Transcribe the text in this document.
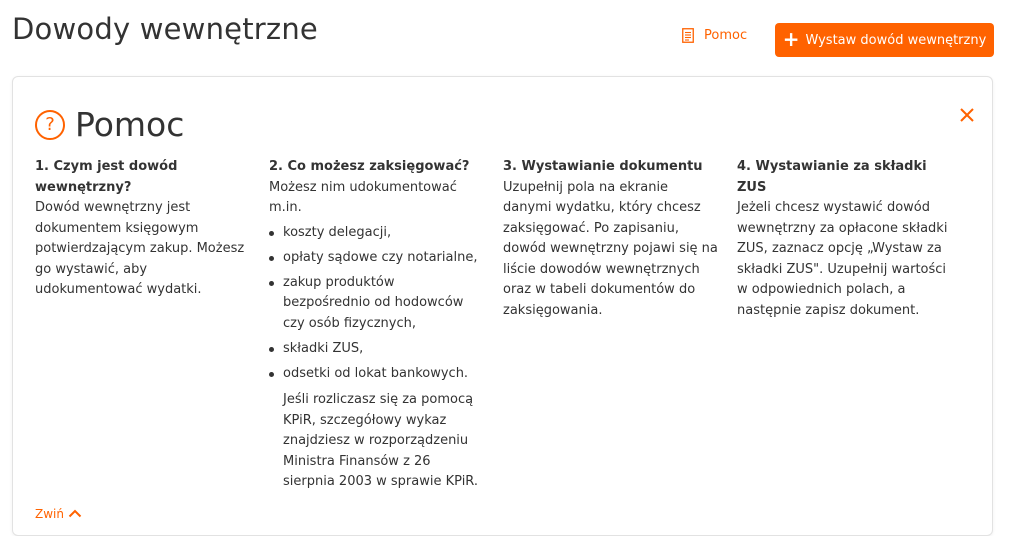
Dowody wewnętrzne	Pomoc + Wystaw dowód wewnętrzny
? Pomoc
1. Czym jest dowód wewnętrzny?

Dowód wewnętrzny jest dokumentem księgowym potwierdzającym zakup. Możesz go wystawić, aby udokumentować wydatki.

2. Co możesz zaksięgować?

Możesz nim udokumentować m.in.

koszty delegacji,
opłaty sądowe czy notarialne,
zakup produktów bezpośrednio od hodowców czy osób fizycznych,
składki ZUS,
odsetki od lokat bankowych.

Jeśli rozliczasz się za pomocą KPiR, szczegółowy wykaz znajdziesz w rozporządzeniu Ministra Finansów z 26 sierpnia 2003 w sprawie KPiR.

3. Wystawianie dokumentu

Uzupełnij pola na ekranie danymi wydatku, który chcesz zaksięgować. Po zapisaniu, dowód wewnętrzny pojawi się na liście dowodów wewnętrznych oraz w tabeli dokumentów do zaksięgowania.

4. Wystawianie za składki ZUS

Jeżeli chcesz wystawić dowód wewnętrzny za opłacone składki ZUS, zaznacz opcję „Wystaw za składki ZUS". Uzupełnij wartości w odpowiednich polach, a następnie zapisz dokument.

Zwiń
